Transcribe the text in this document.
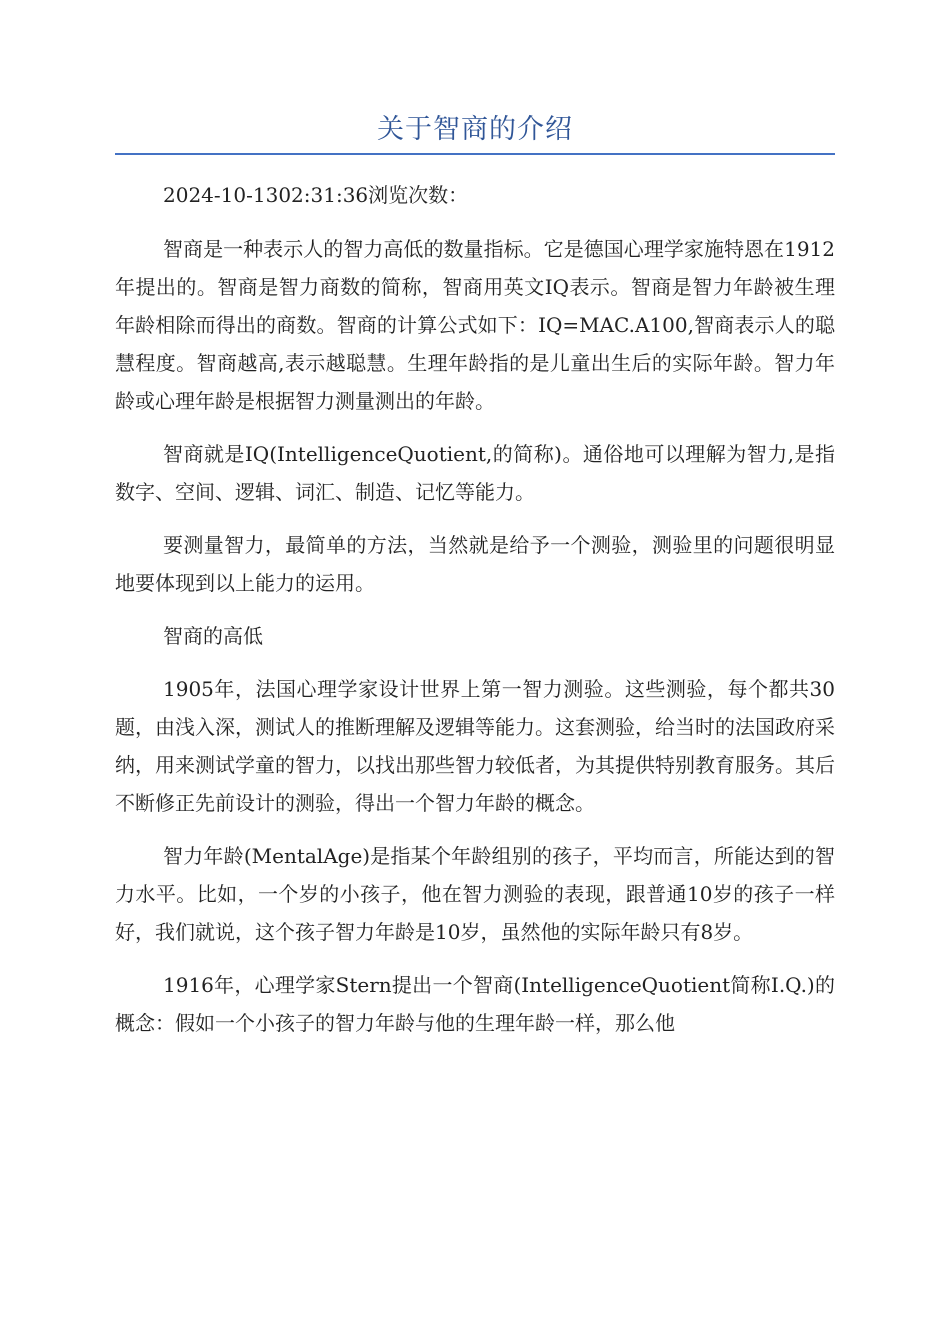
关于智商的介绍

2024-10-1302:31:36浏览次数：

智商是一种表示人的智力高低的数量指标。它是德国心理学家施特恩在1912年提出的。智商是智力商数的简称，智商用英文IQ表示。智商是智力年龄被生理年龄相除而得出的商数。智商的计算公式如下：IQ=MAC.A100,智商表示人的聪慧程度。智商越高,表示越聪慧。生理年龄指的是儿童出生后的实际年龄。智力年龄或心理年龄是根据智力测量测出的年龄。

智商就是IQ(IntelligenceQuotient,的简称)。通俗地可以理解为智力,是指数字、空间、逻辑、词汇、制造、记忆等能力。

要测量智力，最简单的方法，当然就是给予一个测验，测验里的问题很明显地要体现到以上能力的运用。

智商的高低

1905年，法国心理学家设计世界上第一智力测验。这些测验，每个都共30题，由浅入深，测试人的推断理解及逻辑等能力。这套测验，给当时的法国政府采纳，用来测试学童的智力，以找出那些智力较低者，为其提供特别教育服务。其后不断修正先前设计的测验，得出一个智力年龄的概念。

智力年龄(MentalAge)是指某个年龄组别的孩子，平均而言，所能达到的智力水平。比如，一个岁的小孩子，他在智力测验的表现，跟普通10岁的孩子一样好，我们就说，这个孩子智力年龄是10岁，虽然他的实际年龄只有8岁。

1916年，心理学家Stern提出一个智商(IntelligenceQuotient简称I.Q.)的概念：假如一个小孩子的智力年龄与他的生理年龄一样，那么他
